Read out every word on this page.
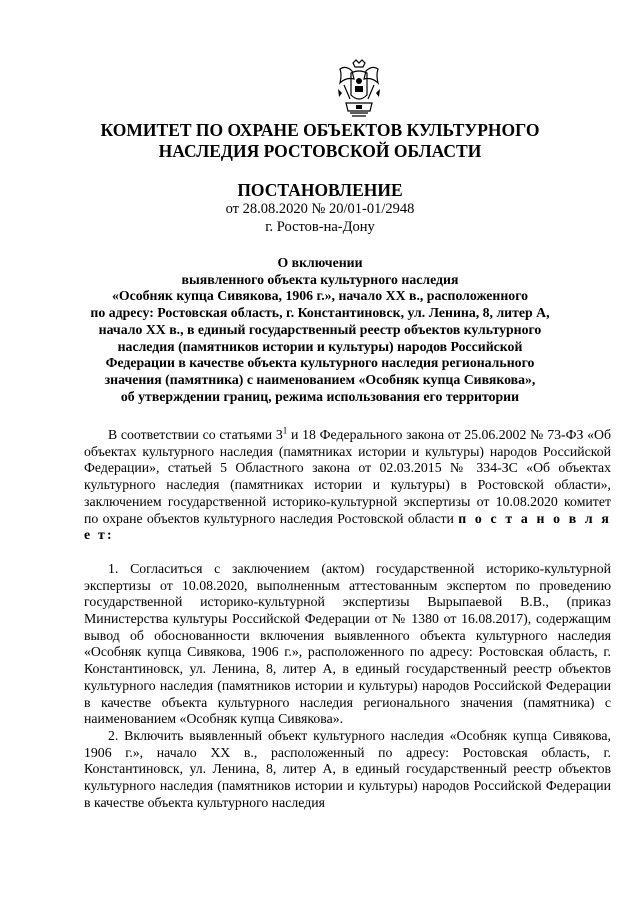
КОМИТЕТ ПО ОХРАНЕ ОБЪЕКТОВ КУЛЬТУРНОГО
НАСЛЕДИЯ РОСТОВСКОЙ ОБЛАСТИ
ПОСТАНОВЛЕНИЕ
от 28.08.2020 № 20/01-01/2948
г. Ростов-на-Дону
О включении
выявленного объекта культурного наследия
«Особняк купца Сивякова, 1906 г.», начало XX в., расположенного
по адресу: Ростовская область, г. Константиновск, ул. Ленина, 8, литер А,
начало XX в., в единый государственный реестр объектов культурного
наследия (памятников истории и культуры) народов Российской
Федерации в качестве объекта культурного наследия регионального
значения (памятника) с наименованием «Особняк купца Сивякова»,
об утверждении границ, режима использования его территории

В соответствии со статьями $3^1$ и 18 Федерального закона от 25.06.2002 № 73-ФЗ «Об объектах культурного наследия (памятниках истории и культуры) народов Российской Федерации», статьей 5 Областного закона от 02.03.2015 № 334-ЗС «Об объектах культурного наследия (памятниках истории и культуры) в Ростовской области», заключением государственной историко-культурной экспертизы от 10.08.2020 комитет по охране объектов культурного наследия Ростовской области п о с т а н о в л я е т:

1. Согласиться с заключением (актом) государственной историко-культурной экспертизы от 10.08.2020, выполненным аттестованным экспертом по проведению государственной историко-культурной экспертизы Вырыпаевой В.В., (приказ Министерства культуры Российской Федерации от № 1380 от 16.08.2017), содержащим вывод об обоснованности включения выявленного объекта культурного наследия «Особняк купца Сивякова, 1906 г.», расположенного по адресу: Ростовская область, г. Константиновск, ул. Ленина, 8, литер А, в единый государственный реестр объектов культурного наследия (памятников истории и культуры) народов Российской Федерации в качестве объекта культурного наследия регионального значения (памятника) с наименованием «Особняк купца Сивякова».

2. Включить выявленный объект культурного наследия «Особняк купца Сивякова, 1906 г.», начало XX в., расположенный по адресу: Ростовская область, г. Константиновск, ул. Ленина, 8, литер А, в единый государственный реестр объектов культурного наследия (памятников истории и культуры) народов Российской Федерации в качестве объекта культурного наследия
